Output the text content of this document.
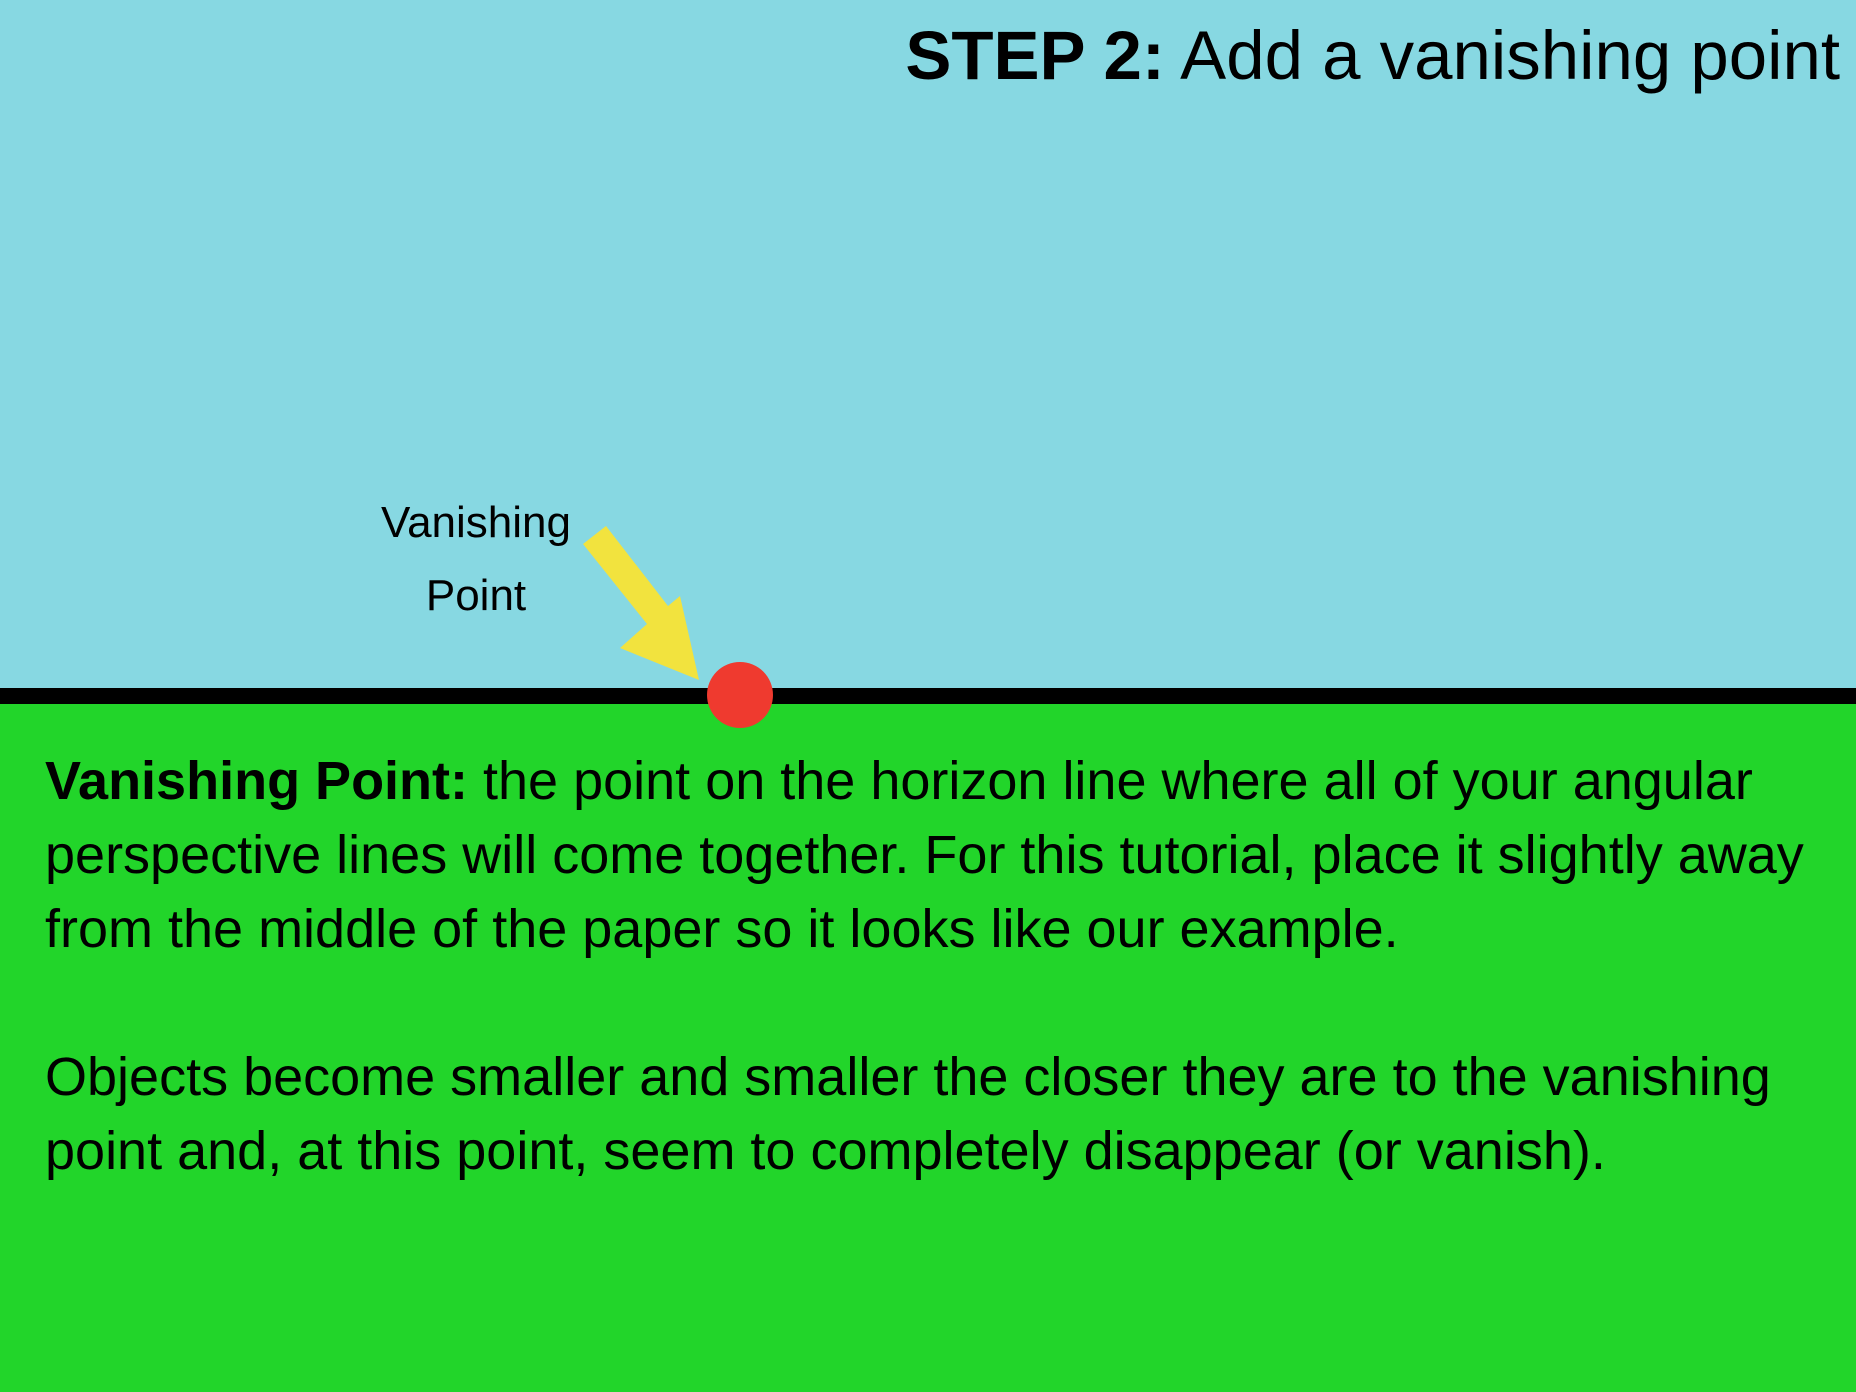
STEP 2: Add a vanishing point
Vanishing
Point

Vanishing Point: the point on the horizon line where all of your angular perspective lines will come together. For this tutorial, place it slightly away from the middle of the paper so it looks like our example.

Objects become smaller and smaller the closer they are to the vanishing point and, at this point, seem to completely disappear (or vanish).
